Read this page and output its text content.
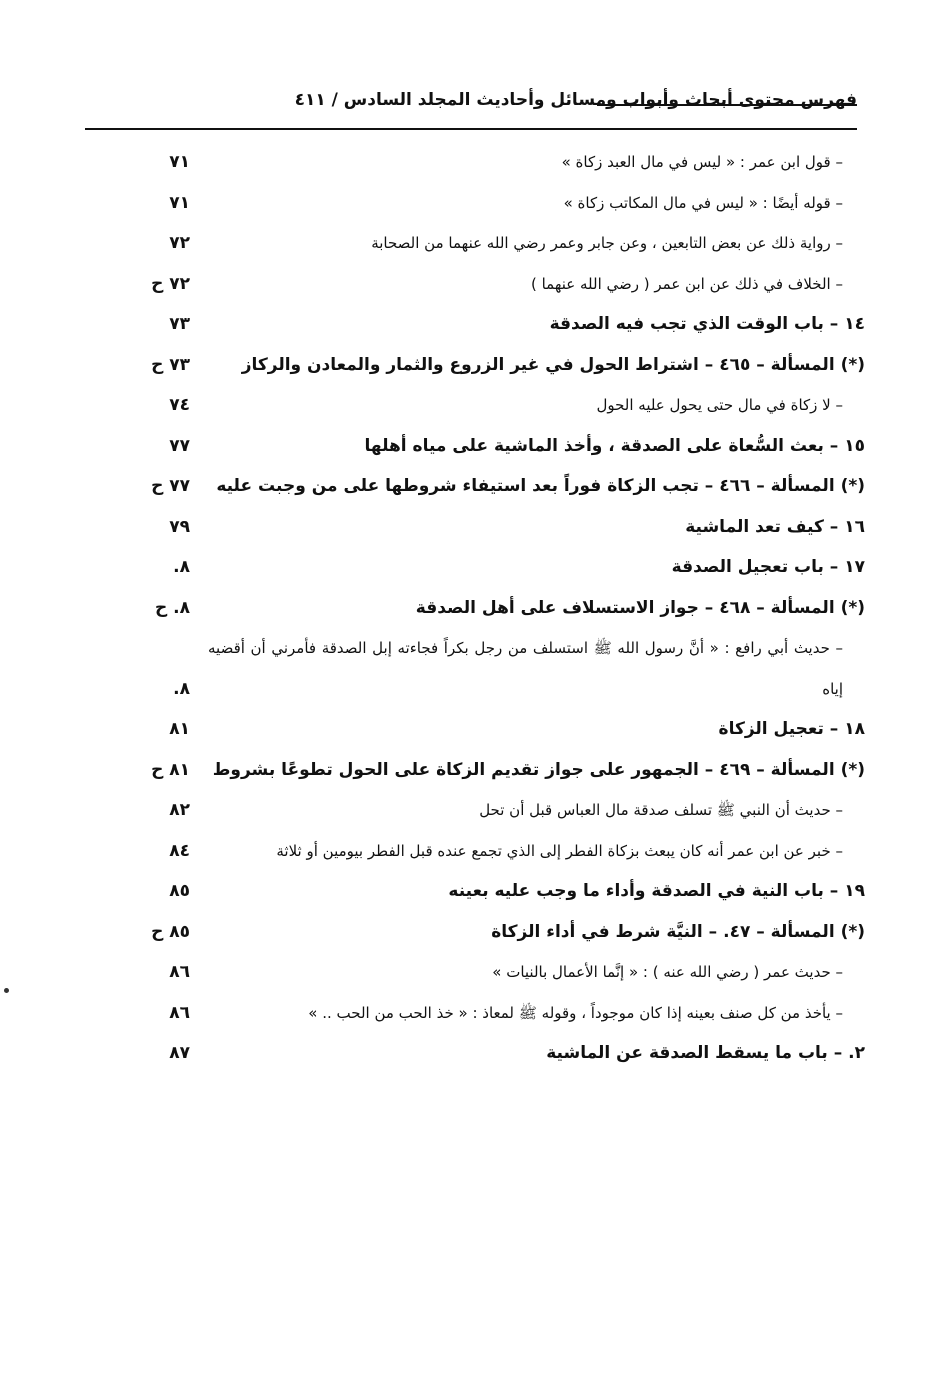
فهرس محتوى أبحاث وأبواب ومسائل وأحاديث المجلد السادس / ٤١١
– قول ابن عمر : « ليس في مال العبد زكاة »
٧١
– قوله أيضًا : « ليس في مال المكاتب زكاة »
٧١
– رواية ذلك عن بعض التابعين ، وعن جابر وعمر رضي الله عنهما من الصحابة
٧٢
– الخلاف في ذلك عن ابن عمر ( رضي الله عنهما )
٧٢ ح
١٤ – باب الوقت الذي تجب فيه الصدقة
٧٣
(*) المسألة – ٤٦٥ – اشتراط الحول في غير الزروع والثمار والمعادن والركاز
٧٣ ح
– لا زكاة في مال حتى يحول عليه الحول
٧٤
١٥ – بعث السُّعاة على الصدقة ، وأخذ الماشية على مياه أهلها
٧٧
(*) المسألة – ٤٦٦ – تجب الزكاة فوراً بعد استيفاء شروطها على من وجبت عليه
٧٧ ح
١٦ – كيف تعد الماشية
٧٩
١٧ – باب تعجيل الصدقة
٨.
(*) المسألة – ٤٦٨ – جواز الاستسلاف على أهل الصدقة
٨. ح
– حديث أبي رافع : « أنَّ رسول الله ﷺ استسلف من رجل بكراً فجاءته إبل الصدقة فأمرني أن أقضيه إياه
٨.
١٨ – تعجيل الزكاة
٨١
(*) المسألة – ٤٦٩ – الجمهور على جواز تقديم الزكاة على الحول تطوعًا بشروط
٨١ ح
– حديث أن النبي ﷺ تسلف صدقة مال العباس قبل أن تحل
٨٢
– خبر عن ابن عمر أنه كان يبعث بزكاة الفطر إلى الذي تجمع عنده قبل الفطر بيومين أو ثلاثة
٨٤
١٩ – باب النية في الصدقة وأداء ما وجب عليه بعينه
٨٥
(*) المسألة – ٤٧. – النيَّة شرط في أداء الزكاة
٨٥ ح
– حديث عمر ( رضي الله عنه ) : « إنَّما الأعمال بالنيات »
٨٦
– يأخذ من كل صنف بعينه إذا كان موجوداً ، وقوله ﷺ لمعاذ : « خذ الحب من الحب .. »
٨٦
٢. – باب ما يسقط الصدقة عن الماشية
٨٧
